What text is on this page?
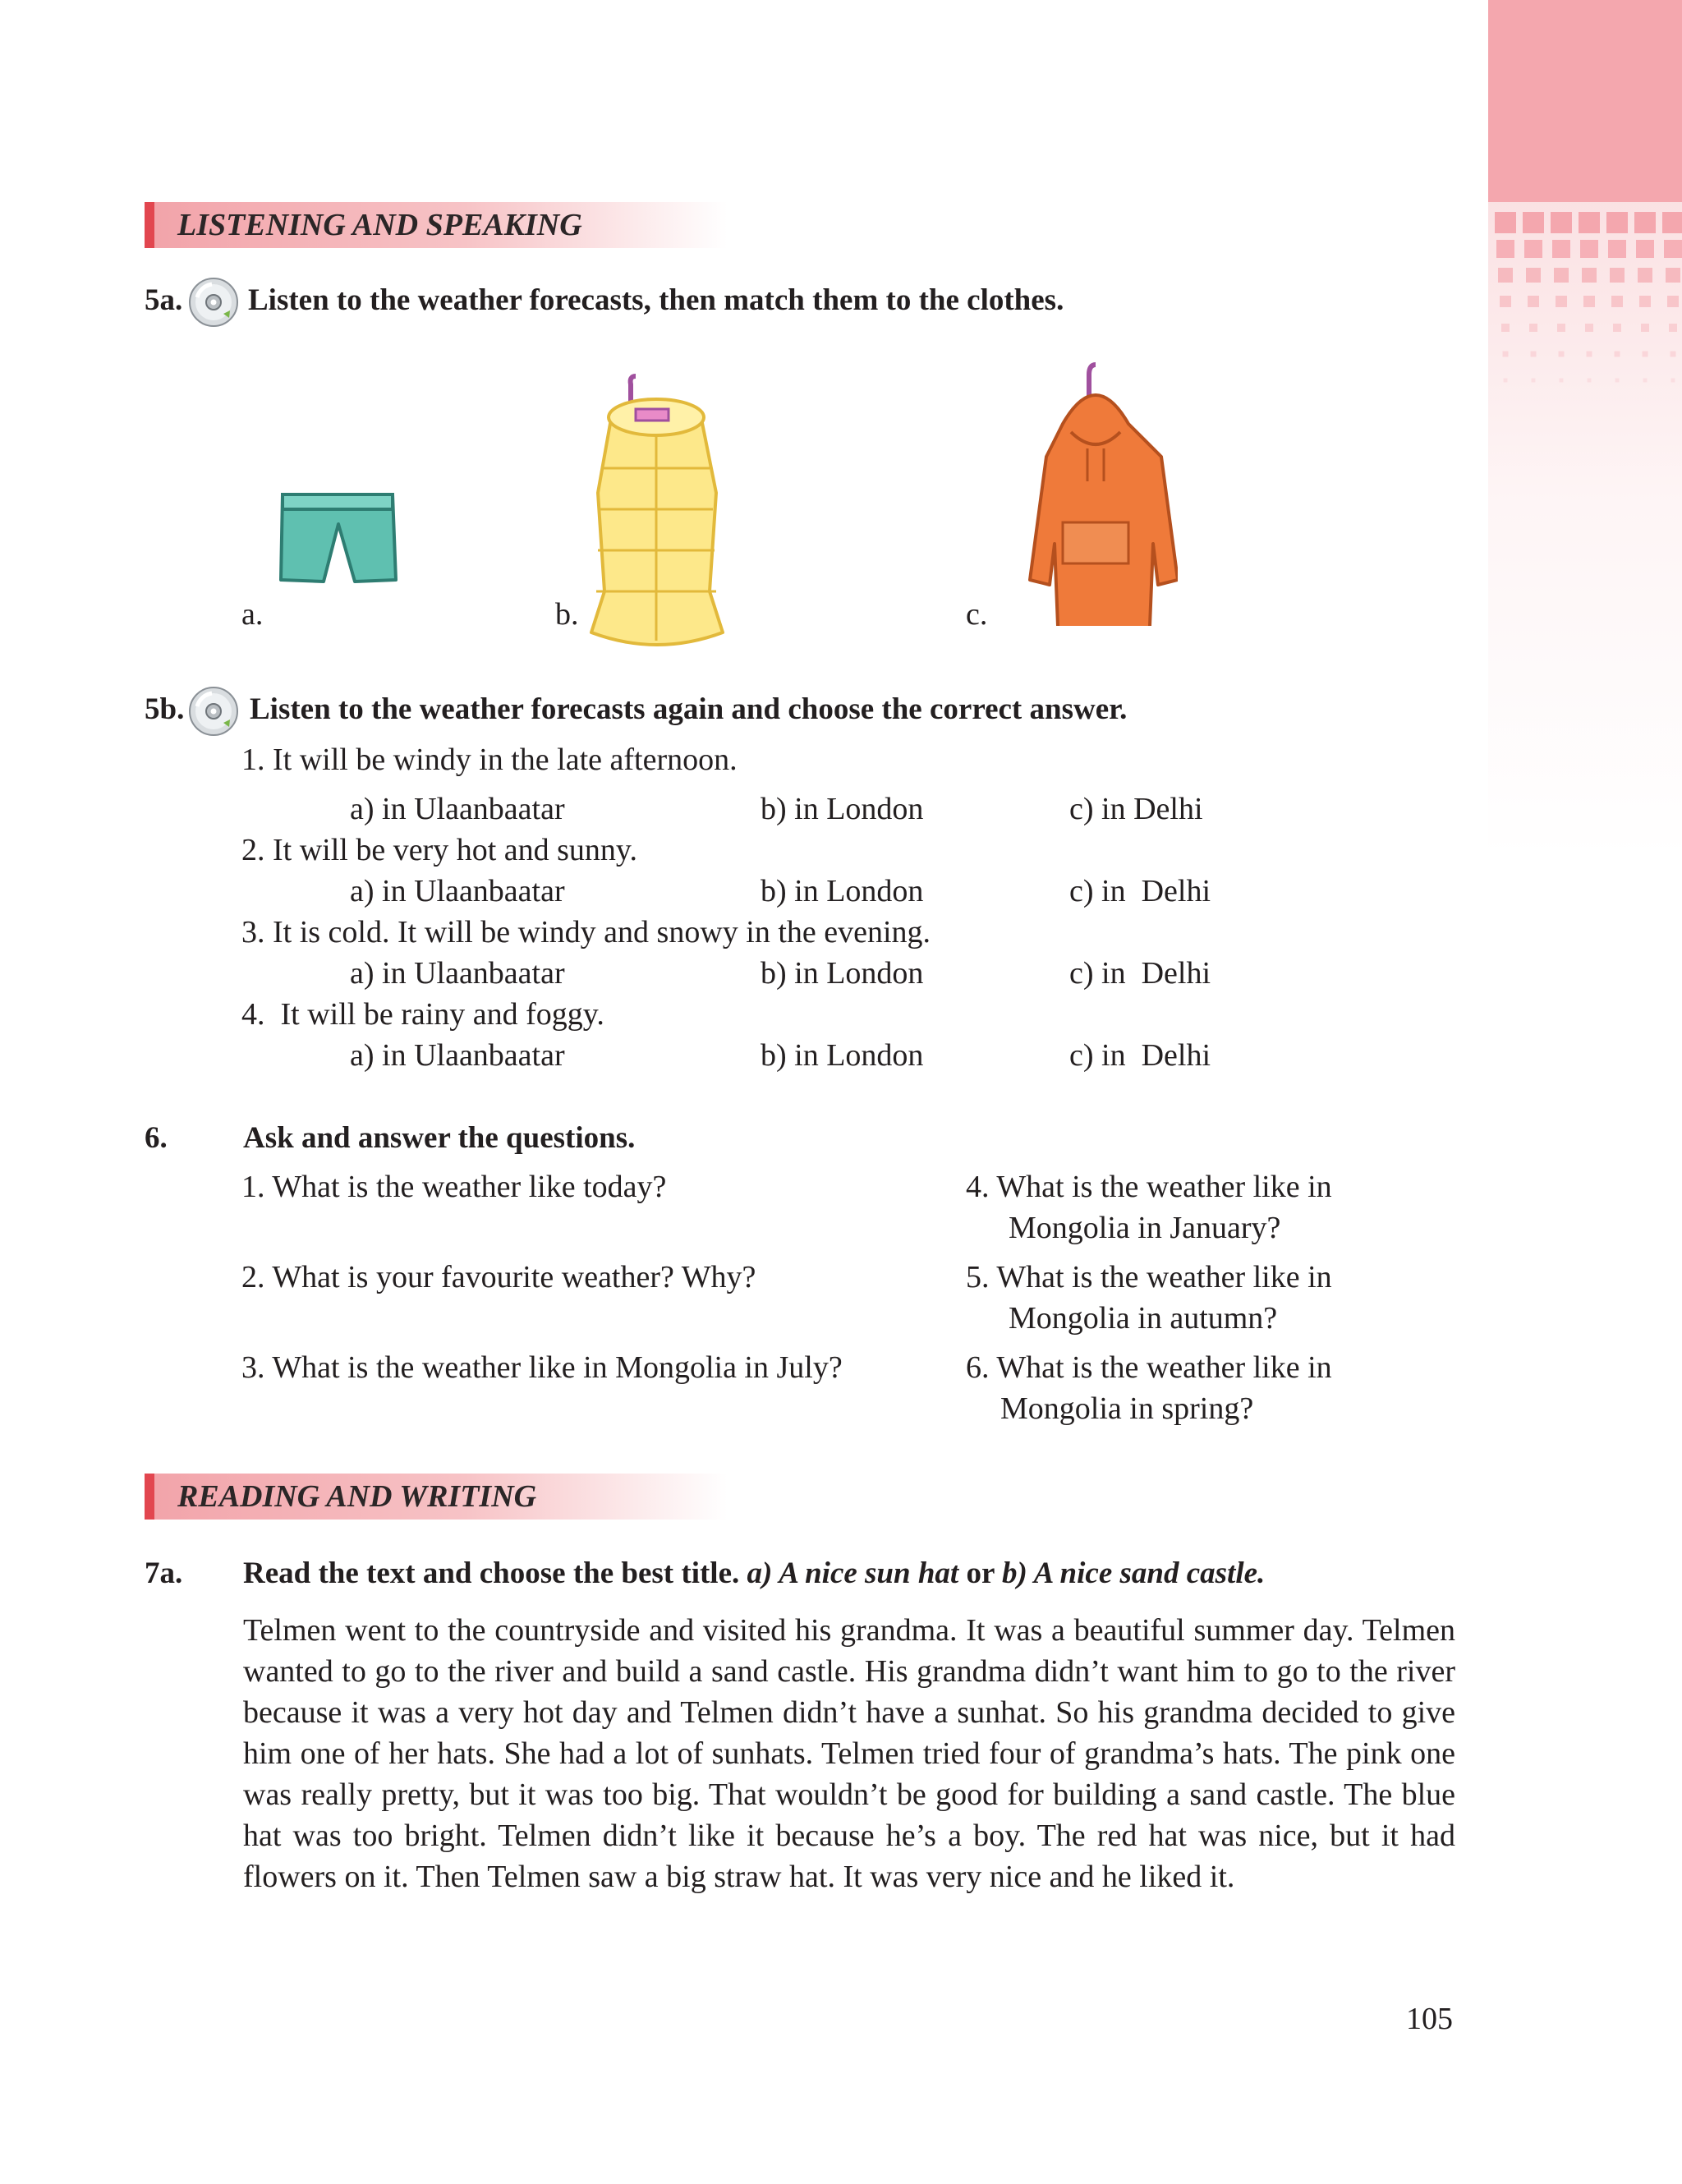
LISTENING AND SPEAKING
5a. Listen to the weather forecasts, then match them to the clothes.
a.	b.	c.
5b. Listen to the weather forecasts again and choose the correct answer.
1. It will be windy in the late afternoon.
a) in Ulaanbaatar	b) in London	c) in Delhi
2. It will be very hot and sunny.
a) in Ulaanbaatar	b) in London	c) in  Delhi
3. It is cold. It will be windy and snowy in the evening.
a) in Ulaanbaatar	b) in London	c) in  Delhi
4.  It will be rainy and foggy.
a) in Ulaanbaatar	b) in London	c) in  Delhi
6. Ask and answer the questions.
1. What is the weather like today?
2. What is your favourite weather? Why?
3. What is the weather like in Mongolia in July?
4. What is the weather like in
Mongolia in January?
5. What is the weather like in
Mongolia in autumn?
6. What is the weather like in
Mongolia in spring?
READING AND WRITING
7a. Read the text and choose the best title. a) A nice sun hat or b) A nice sand castle.
Telmen went to the countryside and visited his grandma. It was a beautiful summer day. Telmen wanted to go to the river and build a sand castle. His grandma didn’t want him to go to the river because it was a very hot day and Telmen didn’t have a sunhat. So his grandma decided to give him one of her hats. She had a lot of sunhats. Telmen tried four of grandma’s hats. The pink one was really pretty, but it was too big. That wouldn’t be good for building a sand castle. The blue hat was too bright. Telmen didn’t like it because he’s a boy. The red hat was nice, but it had flowers on it. Then Telmen saw a big straw hat. It was very nice and he liked it.
105
